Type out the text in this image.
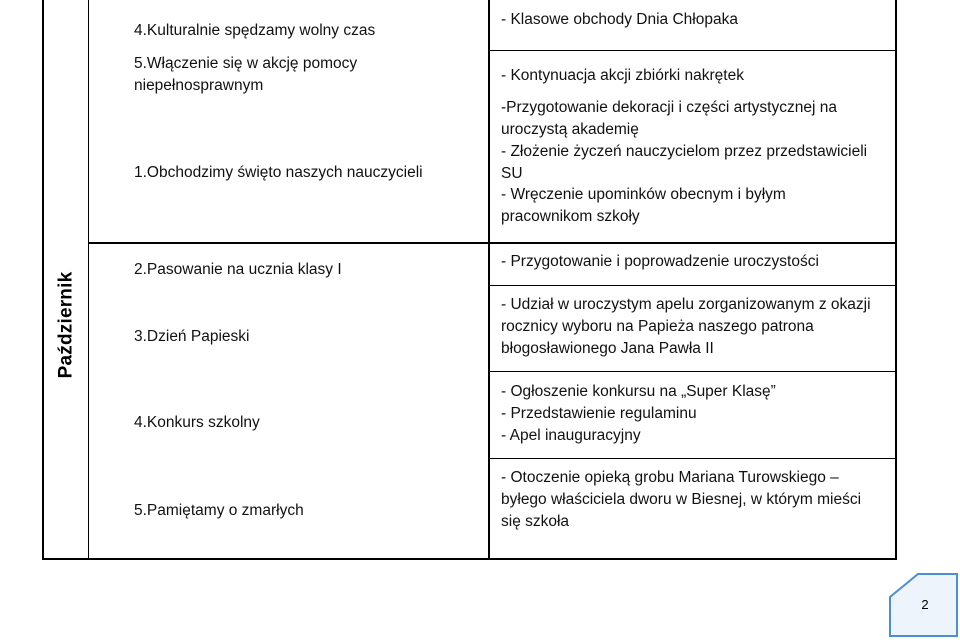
Październik
4.Kulturalnie spędzamy wolny czas
5.Włączenie się w akcję pomocy
niepełnosprawnym
1.Obchodzimy święto naszych nauczycieli
2.Pasowanie na ucznia klasy I
3.Dzień Papieski
4.Konkurs szkolny
5.Pamiętamy o zmarłych
- Klasowe obchody Dnia Chłopaka
- Kontynuacja akcji zbiórki nakrętek
-Przygotowanie dekoracji i części artystycznej na
uroczystą akademię
- Złożenie życzeń nauczycielom przez przedstawicieli
SU
- Wręczenie upominków obecnym i byłym
pracownikom szkoły
- Przygotowanie i poprowadzenie uroczystości
- Udział w uroczystym apelu zorganizowanym z okazji
rocznicy wyboru na Papieża naszego patrona
błogosławionego Jana Pawła II
- Ogłoszenie konkursu na „Super Klasę”
- Przedstawienie regulaminu
- Apel inauguracyjny
- Otoczenie opieką grobu Mariana Turowskiego –
byłego właściciela dworu w Biesnej, w którym mieści
się szkoła
2
